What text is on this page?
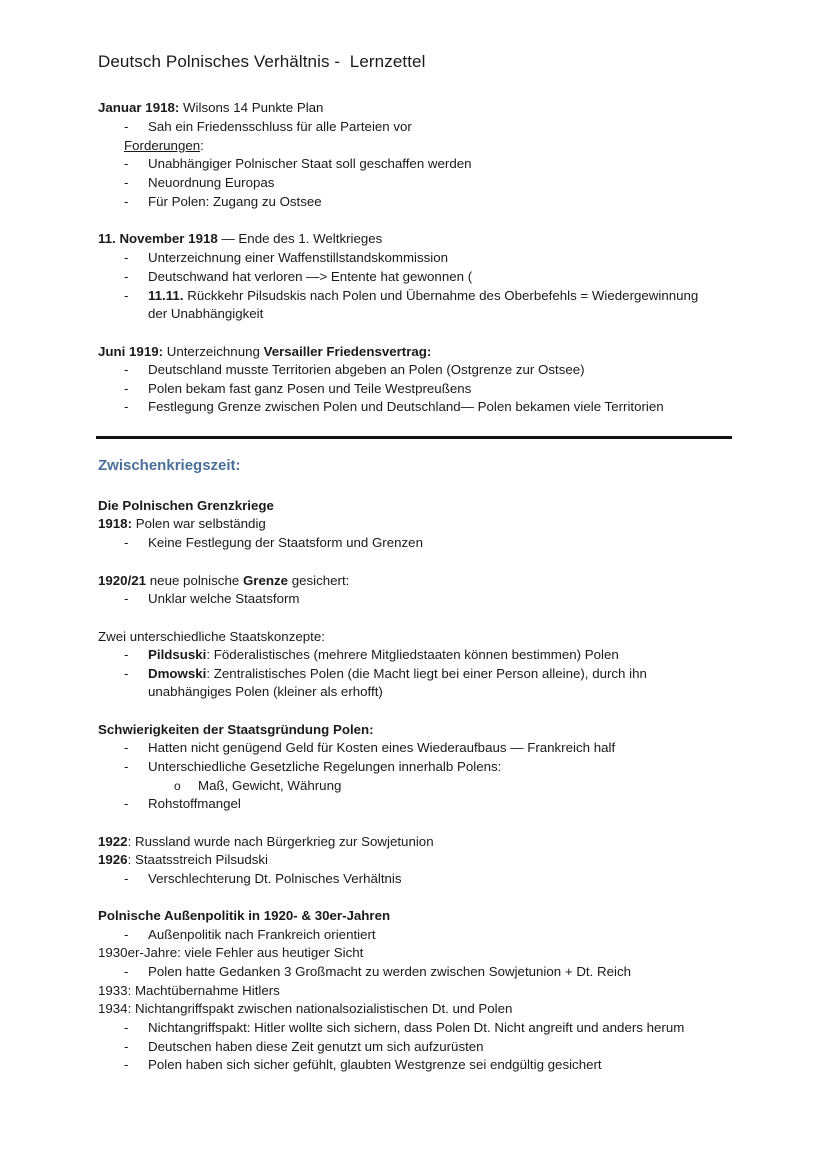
Deutsch Polnisches Verhältnis -  Lernzettel
Januar 1918: Wilsons 14 Punkte Plan
- Sah ein Friedensschluss für alle Parteien vor
Forderungen:
- Unabhängiger Polnischer Staat soll geschaffen werden
- Neuordnung Europas
- Für Polen: Zugang zu Ostsee
11. November 1918 — Ende des 1. Weltkrieges
- Unterzeichnung einer Waffenstillstandskommission
- Deutschwand hat verloren —> Entente hat gewonnen (
- 11.11. Rückkehr Pilsudskis nach Polen und Übernahme des Oberbefehls = Wiedergewinnung
der Unabhängigkeit
Juni 1919: Unterzeichnung Versailler Friedensvertrag:
- Deutschland musste Territorien abgeben an Polen (Ostgrenze zur Ostsee)
- Polen bekam fast ganz Posen und Teile Westpreußens
- Festlegung Grenze zwischen Polen und Deutschland— Polen bekamen viele Territorien
Zwischenkriegszeit:
Die Polnischen Grenzkriege
1918: Polen war selbständig
- Keine Festlegung der Staatsform und Grenzen
1920/21 neue polnische Grenze gesichert:
- Unklar welche Staatsform
Zwei unterschiedliche Staatskonzepte:
- Pildsuski: Föderalistisches (mehrere Mitgliedstaaten können bestimmen) Polen
- Dmowski: Zentralistisches Polen (die Macht liegt bei einer Person alleine), durch ihn
unabhängiges Polen (kleiner als erhofft)
Schwierigkeiten der Staatsgründung Polen:
- Hatten nicht genügend Geld für Kosten eines Wiederaufbaus — Frankreich half
- Unterschiedliche Gesetzliche Regelungen innerhalb Polens:
o Maß, Gewicht, Währung
- Rohstoffmangel
1922: Russland wurde nach Bürgerkrieg zur Sowjetunion
1926: Staatsstreich Pilsudski
- Verschlechterung Dt. Polnisches Verhältnis
Polnische Außenpolitik in 1920- & 30er-Jahren
- Außenpolitik nach Frankreich orientiert
1930er-Jahre: viele Fehler aus heutiger Sicht
- Polen hatte Gedanken 3 Großmacht zu werden zwischen Sowjetunion + Dt. Reich
1933: Machtübernahme Hitlers
1934: Nichtangriffspakt zwischen nationalsozialistischen Dt. und Polen
- Nichtangriffspakt: Hitler wollte sich sichern, dass Polen Dt. Nicht angreift und anders herum
- Deutschen haben diese Zeit genutzt um sich aufzurüsten
- Polen haben sich sicher gefühlt, glaubten Westgrenze sei endgültig gesichert
